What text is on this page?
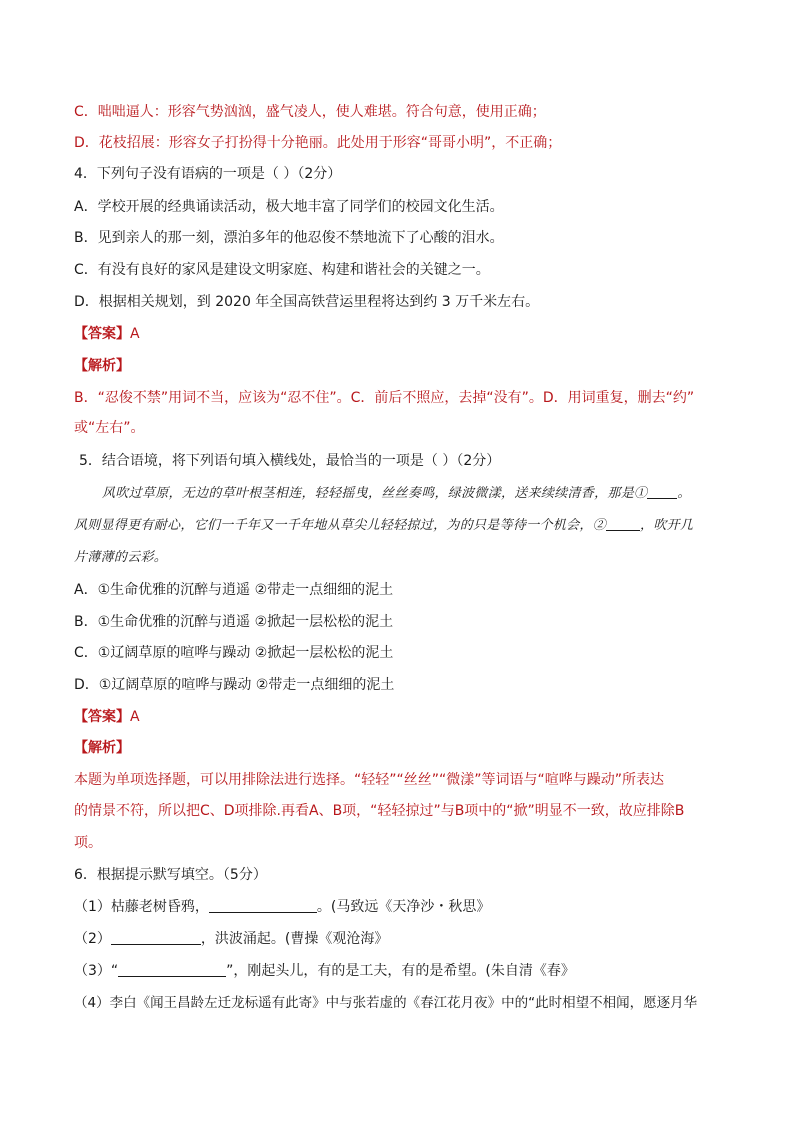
C．咄咄逼人：形容气势汹汹，盛气凌人，使人难堪。符合句意，使用正确；
D．花枝招展：形容女子打扮得十分艳丽。此处用于形容“哥哥小明”，不正确；
4．下列句子没有语病的一项是（ ）（2分）
A．学校开展的经典诵读活动，极大地丰富了同学们的校园文化生活。
B．见到亲人的那一刻，漂泊多年的他忍俊不禁地流下了心酸的泪水。
C．有没有良好的家风是建设文明家庭、构建和谐社会的关键之一。
D．根据相关规划，到 2020 年全国高铁营运里程将达到约 3 万千米左右。
【答案】A
【解析】
B．“忍俊不禁”用词不当，应该为“忍不住”。C．前后不照应，去掉“没有”。D．用词重复，删去“约”
或“左右”。
5．结合语境，将下列语句填入横线处，最恰当的一项是（ ）（2分）
风吹过草原，无边的草叶根茎相连，轻轻摇曳，丝丝奏鸣，绿波微漾，送来续续清香，那是① 。
风则显得更有耐心，它们一千年又一千年地从草尖儿轻轻掠过，为的只是等待一个机会，②	，吹开几
片薄薄的云彩。
A．①生命优雅的沉醉与逍遥 ②带走一点细细的泥土
B．①生命优雅的沉醉与逍遥 ②掀起一层松松的泥土
C．①辽阔草原的喧哗与躁动 ②掀起一层松松的泥土
D．①辽阔草原的喧哗与躁动 ②带走一点细细的泥土
【答案】A
【解析】
本题为单项选择题，可以用排除法进行选择。“轻轻”“丝丝”“微漾”等词语与“喧哗与躁动”所表达
的情景不符，所以把C、D项排除.再看A、B项，“轻轻掠过”与B项中的“掀”明显不一致，故应排除B
项。
6．根据提示默写填空。（5分）
（1）枯藤老树昏鸦，	。(马致远《天净沙・秋思》
（2）	，洪波涌起。(曹操《观沧海》
（3）“	”，刚起头儿，有的是工夫，有的是希望。(朱自清《春》
（4）李白《闻王昌龄左迁龙标遥有此寄》中与张若虚的《春江花月夜》中的“此时相望不相闻，愿逐月华
